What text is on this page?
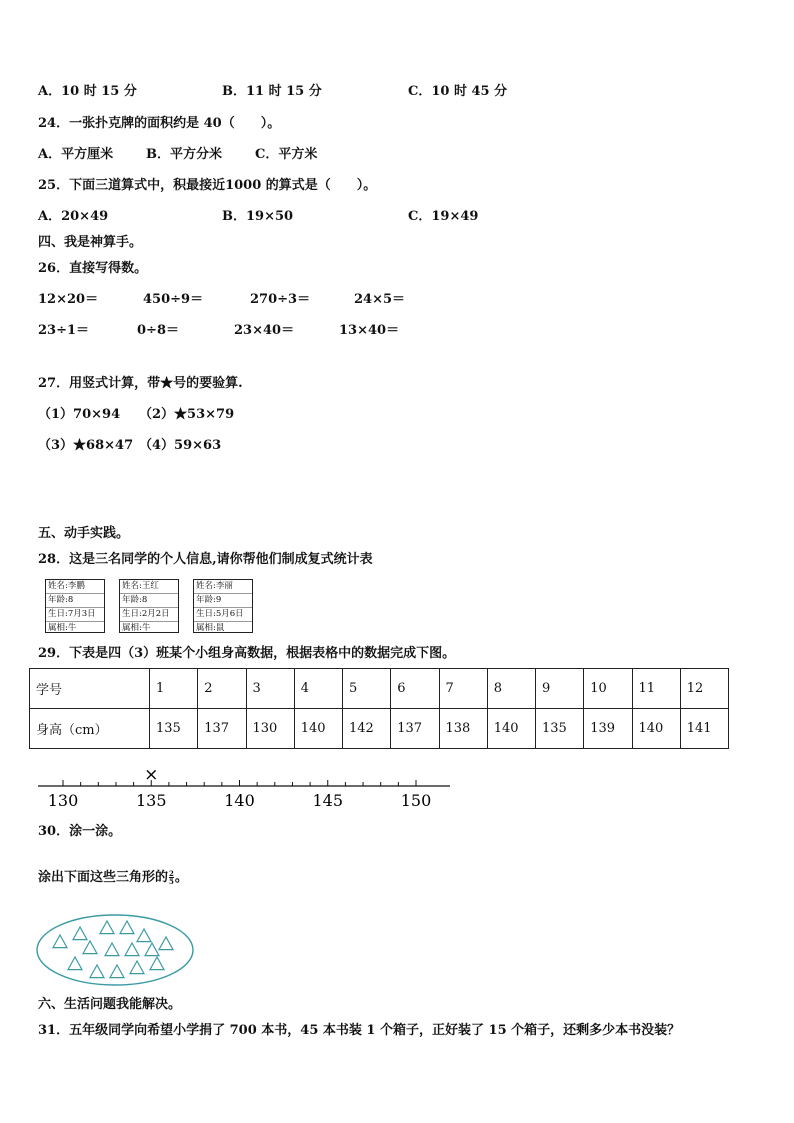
A．10 时 15 分	B．11 时 15 分	C．10 时 45 分
24．一张扑克牌的面积约是 40（　　）。
A．平方厘米	B．平方分米	C．平方米
25．下面三道算式中，积最接近1000 的算式是（　　）。
A．20×49	B．19×50	C．19×49
四、我是神算手。
26．直接写得数。
12×20＝	450÷9＝	270÷3＝	24×5＝
23÷1＝	0÷8＝	23×40＝	13×40＝
27．用竖式计算，带★号的要验算.
（1）70×94 （2）★53×79
（3）★68×47 （4）59×63
五、动手实践。
28．这是三名同学的个人信息,请你帮他们制成复式统计表
姓名:李鹏
年龄:8
生日:7月3日
属相:牛
姓名:王红
年龄:8
生日:2月2日
属相:牛
姓名:李丽
年龄:9
生日:5月6日
属相:鼠
29．下表是四（3）班某个小组身高数据，根据表格中的数据完成下图。
学号	1	2	3	4	5	6	7	8	9	10	11	12
身高（cm）	135	137	130	140	142	137	138	140	135	139	140	141
130	135	140	145	150
×
30．涂一涂。
涂出下面这些三角形的 $\frac{2}{5}$ 。
六、生活问题我能解决。
31．五年级同学向希望小学捐了 700 本书，45 本书装 1 个箱子，正好装了 15 个箱子，还剩多少本书没装？
